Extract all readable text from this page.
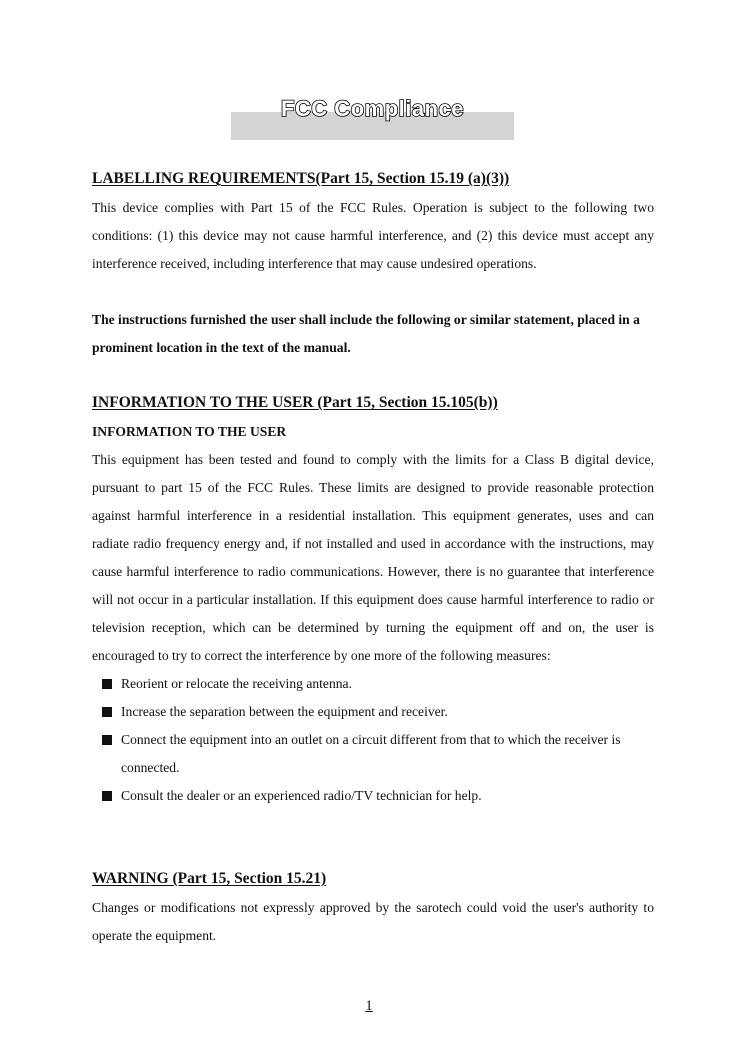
FCC Compliance
LABELLING REQUIREMENTS(Part 15, Section 15.19 (a)(3))
This device complies with Part 15 of the FCC Rules. Operation is subject to the following two conditions: (1) this device may not cause harmful interference, and (2) this device must accept any interference received, including interference that may cause undesired operations.
The instructions furnished the user shall include the following or similar statement, placed in a prominent location in the text of the manual.
INFORMATION TO THE USER (Part 15, Section 15.105(b))
INFORMATION TO THE USER
This equipment has been tested and found to comply with the limits for a Class B digital device, pursuant to part 15 of the FCC Rules. These limits are designed to provide reasonable protection against harmful interference in a residential installation. This equipment generates, uses and can radiate radio frequency energy and, if not installed and used in accordance with the instructions, may cause harmful interference to radio communications. However, there is no guarantee that interference will not occur in a particular installation. If this equipment does cause harmful interference to radio or television reception, which can be determined by turning the equipment off and on, the user is encouraged to try to correct the interference by one more of the following measures:
Reorient or relocate the receiving antenna.
Increase the separation between the equipment and receiver.
Connect the equipment into an outlet on a circuit different from that to which the receiver is connected.
Consult the dealer or an experienced radio/TV technician for help.
WARNING (Part 15, Section 15.21)
Changes or modifications not expressly approved by the sarotech could void the user's authority to operate the equipment.
1
